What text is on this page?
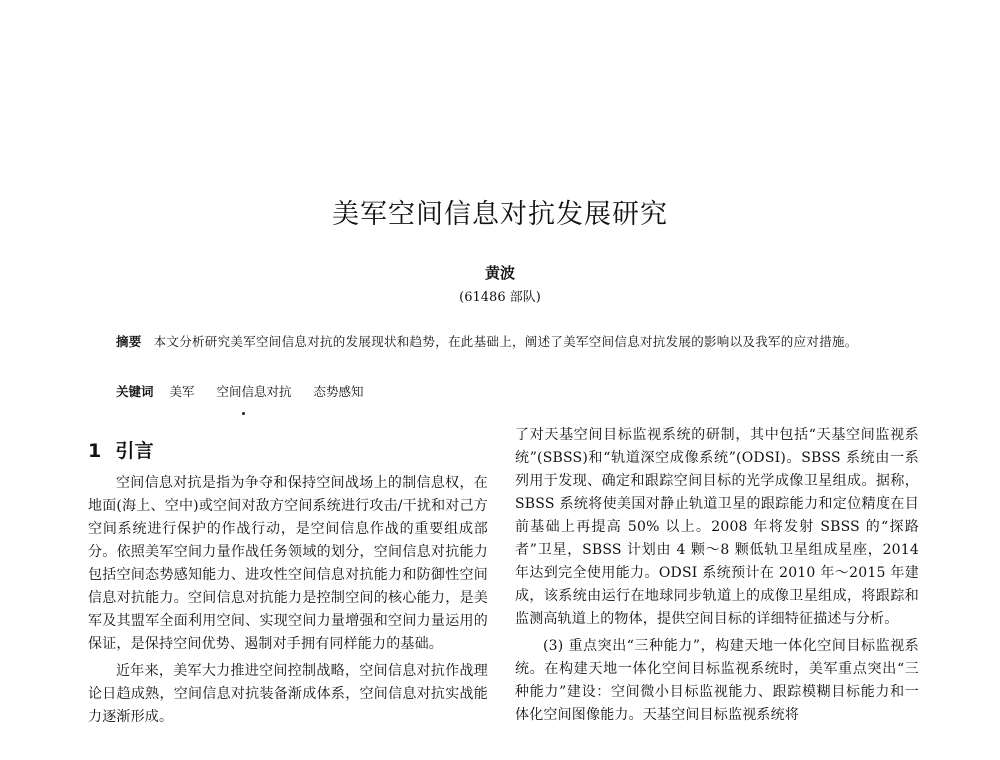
美军空间信息对抗发展研究
黄波
(61486 部队)
摘要 本文分析研究美军空间信息对抗的发展现状和趋势，在此基础上，阐述了美军空间信息对抗发展的影响以及我军的应对措施。
关键词 美军 空间信息对抗 态势感知
1 引言

空间信息对抗是指为争夺和保持空间战场上的制信息权，在地面(海上、空中)或空间对敌方空间系统进行攻击/干扰和对己方空间系统进行保护的作战行动，是空间信息作战的重要组成部分。依照美军空间力量作战任务领域的划分，空间信息对抗能力包括空间态势感知能力、进攻性空间信息对抗能力和防御性空间信息对抗能力。空间信息对抗能力是控制空间的核心能力，是美军及其盟军全面利用空间、实现空间力量增强和空间力量运用的保证，是保持空间优势、遏制对手拥有同样能力的基础。

近年来，美军大力推进空间控制战略，空间信息对抗作战理论日趋成熟，空间信息对抗装备渐成体系，空间信息对抗实战能力逐渐形成。

了对天基空间目标监视系统的研制，其中包括“天基空间监视系统”(SBSS)和“轨道深空成像系统”(ODSI)。SBSS 系统由一系列用于发现、确定和跟踪空间目标的光学成像卫星组成。据称，SBSS 系统将使美国对静止轨道卫星的跟踪能力和定位精度在目前基础上再提高 50% 以上。2008 年将发射 SBSS 的“探路者”卫星，SBSS 计划由 4 颗～8 颗低轨卫星组成星座，2014 年达到完全使用能力。ODSI 系统预计在 2010 年～2015 年建成，该系统由运行在地球同步轨道上的成像卫星组成，将跟踪和监测高轨道上的物体，提供空间目标的详细特征描述与分析。

(3) 重点突出“三种能力”，构建天地一体化空间目标监视系统。在构建天地一体化空间目标监视系统时，美军重点突出“三种能力”建设：空间微小目标监视能力、跟踪模糊目标能力和一体化空间图像能力。天基空间目标监视系统将
